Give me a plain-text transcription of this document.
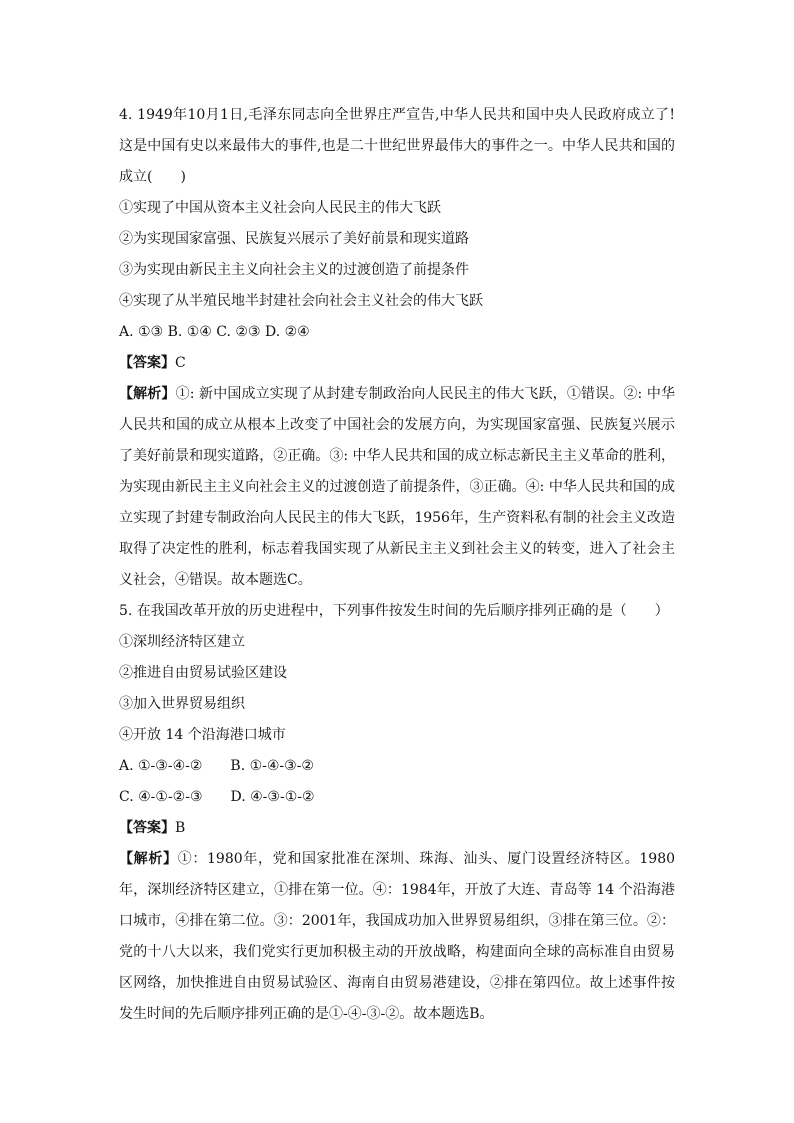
4. 1949年10月1日,毛泽东同志向全世界庄严宣告,中华人民共和国中央人民政府成立了!这是中国有史以来最伟大的事件,也是二十世纪世界最伟大的事件之一。中华人民共和国的成立(　　)
①实现了中国从资本主义社会向人民民主的伟大飞跃
②为实现国家富强、民族复兴展示了美好前景和现实道路
③为实现由新民主主义向社会主义的过渡创造了前提条件
④实现了从半殖民地半封建社会向社会主义社会的伟大飞跃
A. ①③ B. ①④ C. ②③ D. ②④
【答案】C
【解析】①: 新中国成立实现了从封建专制政治向人民民主的伟大飞跃，①错误。②: 中华人民共和国的成立从根本上改变了中国社会的发展方向，为实现国家富强、民族复兴展示了美好前景和现实道路，②正确。③: 中华人民共和国的成立标志新民主主义革命的胜利，为实现由新民主主义向社会主义的过渡创造了前提条件，③正确。④: 中华人民共和国的成立实现了封建专制政治向人民民主的伟大飞跃，1956年，生产资料私有制的社会主义改造取得了决定性的胜利，标志着我国实现了从新民主主义到社会主义的转变，进入了社会主义社会，④错误。故本题选C。
5. 在我国改革开放的历史进程中，下列事件按发生时间的先后顺序排列正确的是（　　）
①深圳经济特区建立
②推进自由贸易试验区建设
③加入世界贸易组织
④开放 14 个沿海港口城市
A. ①-③-④-②　　B. ①-④-③-②
C. ④-①-②-③　　D. ④-③-①-②
【答案】B
【解析】①：1980年，党和国家批准在深圳、珠海、汕头、厦门设置经济特区。1980年，深圳经济特区建立，①排在第一位。④：1984年，开放了大连、青岛等 14 个沿海港口城市，④排在第二位。③：2001年，我国成功加入世界贸易组织，③排在第三位。②：党的十八大以来，我们党实行更加积极主动的开放战略，构建面向全球的高标准自由贸易区网络，加快推进自由贸易试验区、海南自由贸易港建设，②排在第四位。故上述事件按发生时间的先后顺序排列正确的是①-④-③-②。故本题选B。
